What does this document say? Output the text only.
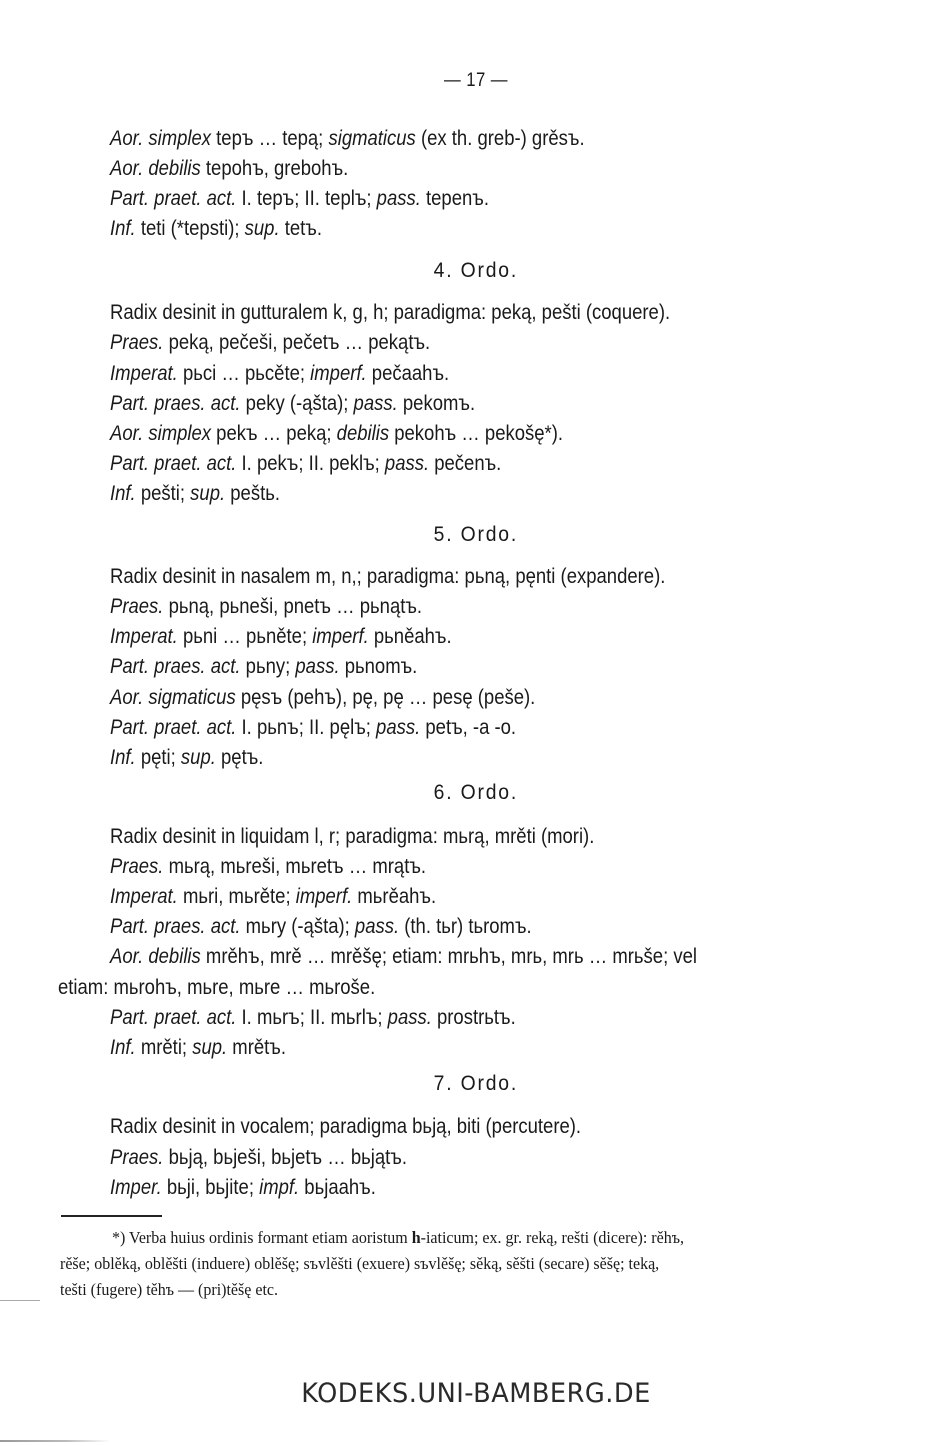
— 17 —
Aor. simplex tepъ … tepą; sigmaticus (ex th. greb-) grěsъ.
Aor. debilis tepohъ, grebohъ.
Part. praet. act. I. tepъ; II. teplъ; pass. tepenъ.
Inf. teti (*tepsti); sup. tetъ.
4. Ordo.
Radix desinit in gutturalem k, g, h; paradigma: peką, pešti (coquere).
Praes. peką, pečeši, pečetъ … pekątъ.
Imperat. pьci … pьcěte; imperf. pečaahъ.
Part. praes. act. peky (-ąšta); pass. pekomъ.
Aor. simplex pekъ … peką; debilis pekohъ … pekošę*).
Part. praet. act. I. pekъ; II. peklъ; pass. pečenъ.
Inf. pešti; sup. peštь.
5. Ordo.
Radix desinit in nasalem m, n,; paradigma: pьną, pęnti (expandere).
Praes. pьną, pьneši, pnetъ … pьnątъ.
Imperat. pьni … pьněte; imperf. pьněahъ.
Part. praes. act. pьny; pass. pьnomъ.
Aor. sigmaticus pęsъ (pehъ), pę, pę … pesę (peše).
Part. praet. act. I. pьnъ; II. pęlъ; pass. petъ, -a -o.
Inf. pęti; sup. pętъ.
6. Ordo.
Radix desinit in liquidam l, r; paradigma: mьrą, mrěti (mori).
Praes. mьrą, mьreši, mьretъ … mrątъ.
Imperat. mьri, mьrěte; imperf. mьrěahъ.
Part. praes. act. mьry (-ąšta); pass. (th. tьr) tьromъ.
Aor. debilis mrěhъ, mrě … mrěšę; etiam: mrьhъ, mrь, mrь … mrьše; vel
etiam: mьrohъ, mьre, mьre … mьroše.
Part. praet. act. I. mьrъ; II. mьrlъ; pass. prostrьtъ.
Inf. mrěti; sup. mrětъ.
7. Ordo.
Radix desinit in vocalem; paradigma bьją, biti (percutere).
Praes. bьją, bьješi, bьjetъ … bьjątъ.
Imper. bьji, bьjite; impf. bьjaahъ.
*) Verba huius ordinis formant etiam aoristum h-iaticum; ex. gr. reką, rešti (dicere): rěhъ,
rěše; oblěką, oblěšti (induere) oblěšę; sъvlěšti (exuere) sъvlěšę; sěką, sěšti (secare) sěšę; teką,
tešti (fugere) těhъ — (pri)těšę etc.
KODEKS.UNI-BAMBERG.DE
